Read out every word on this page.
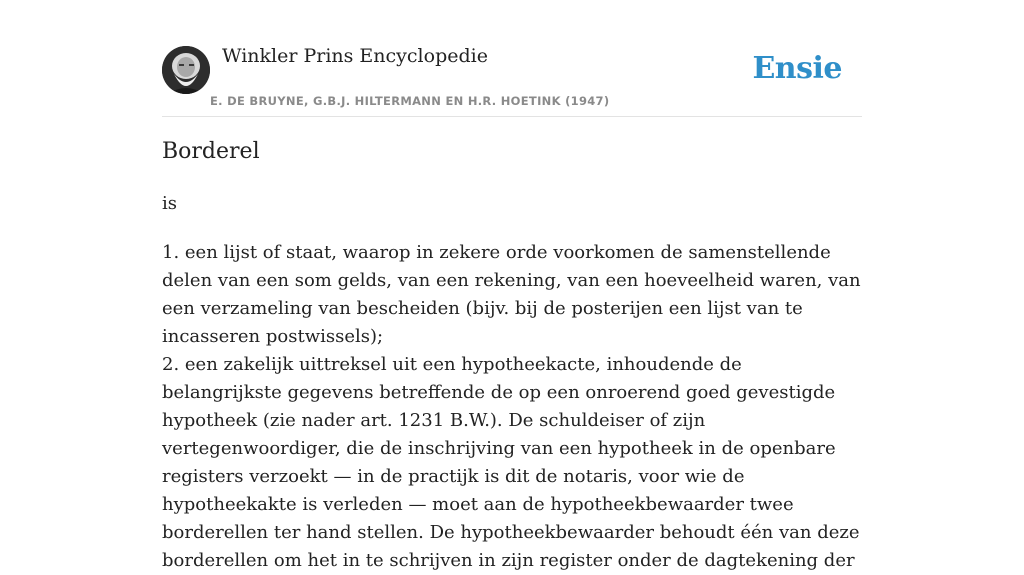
Winkler Prins Encyclopedie
E. DE BRUYNE, G.B.J. HILTERMANN EN H.R. HOETINK (1947)
Ensie
Borderel

is

1. een lijst of staat, waarop in zekere orde voorkomen de samenstellende delen van een som gelds, van een rekening, van een hoeveelheid waren, van een verzameling van bescheiden (bijv. bij de posterijen een lijst van te incasseren postwissels);

2. een zakelijk uittreksel uit een hypotheekacte, inhoudende de belangrijkste gegevens betreffende de op een onroerend goed gevestigde hypotheek (zie nader art. 1231 B.W.). De schuldeiser of zijn vertegenwoordiger, die de inschrijving van een hypotheek in de openbare registers verzoekt — in de practijk is dit de notaris, voor wie de hypotheekakte is verleden — moet aan de hypotheekbewaarder twee borderellen ter hand stellen. De hypotheekbewaarder behoudt één van deze borderellen om het in te schrijven in zijn register onder de dagtekening der
